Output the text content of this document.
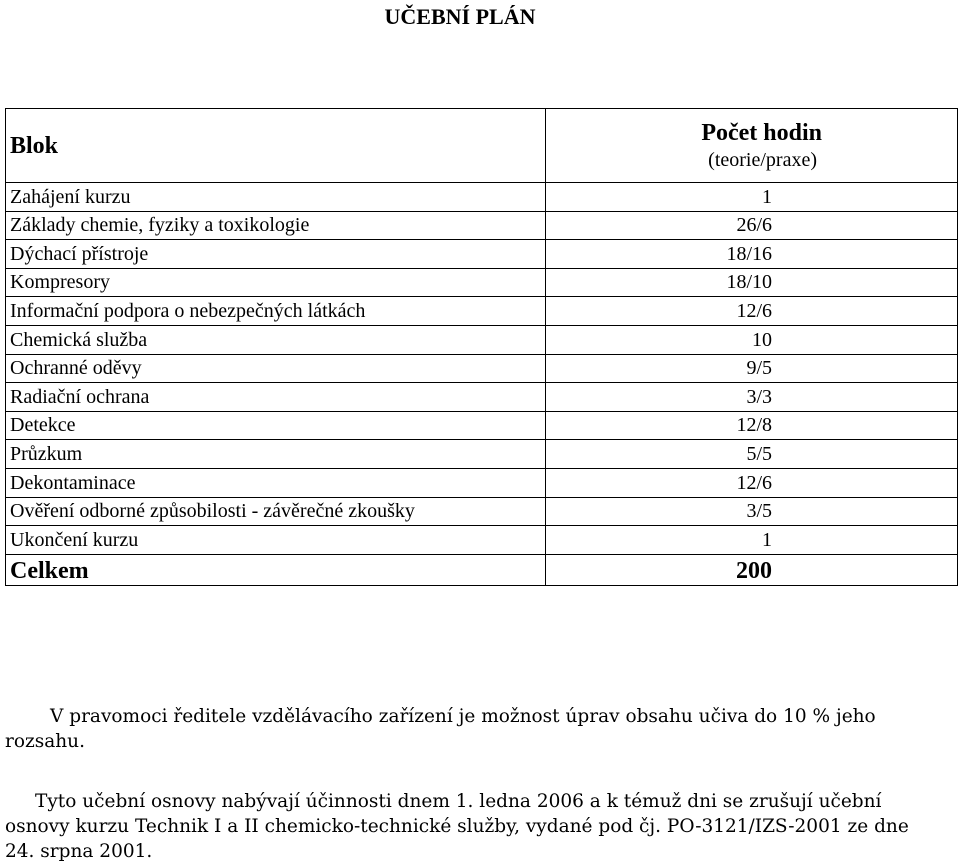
UČEBNÍ PLÁN
Blok	Počet hodin
(teorie/praxe)
Zahájení kurzu	1
Základy chemie, fyziky a toxikologie	26/6
Dýchací přístroje	18/16
Kompresory	18/10
Informační podpora o nebezpečných látkách	12/6
Chemická služba	10
Ochranné oděvy	9/5
Radiační ochrana	3/3
Detekce	12/8
Průzkum	5/5
Dekontaminace	12/6
Ověření odborné způsobilosti - závěrečné zkoušky	3/5
Ukončení kurzu	1
Celkem	200
V pravomoci ředitele vzdělávacího zařízení je možnost úprav obsahu učiva do 10 % jeho rozsahu.
Tyto učební osnovy nabývají účinnosti dnem 1. ledna 2006 a k témuž dni se zrušují učební osnovy kurzu Technik I a II chemicko-technické služby, vydané pod čj. PO-3121/IZS-2001 ze dne 24. srpna 2001.
